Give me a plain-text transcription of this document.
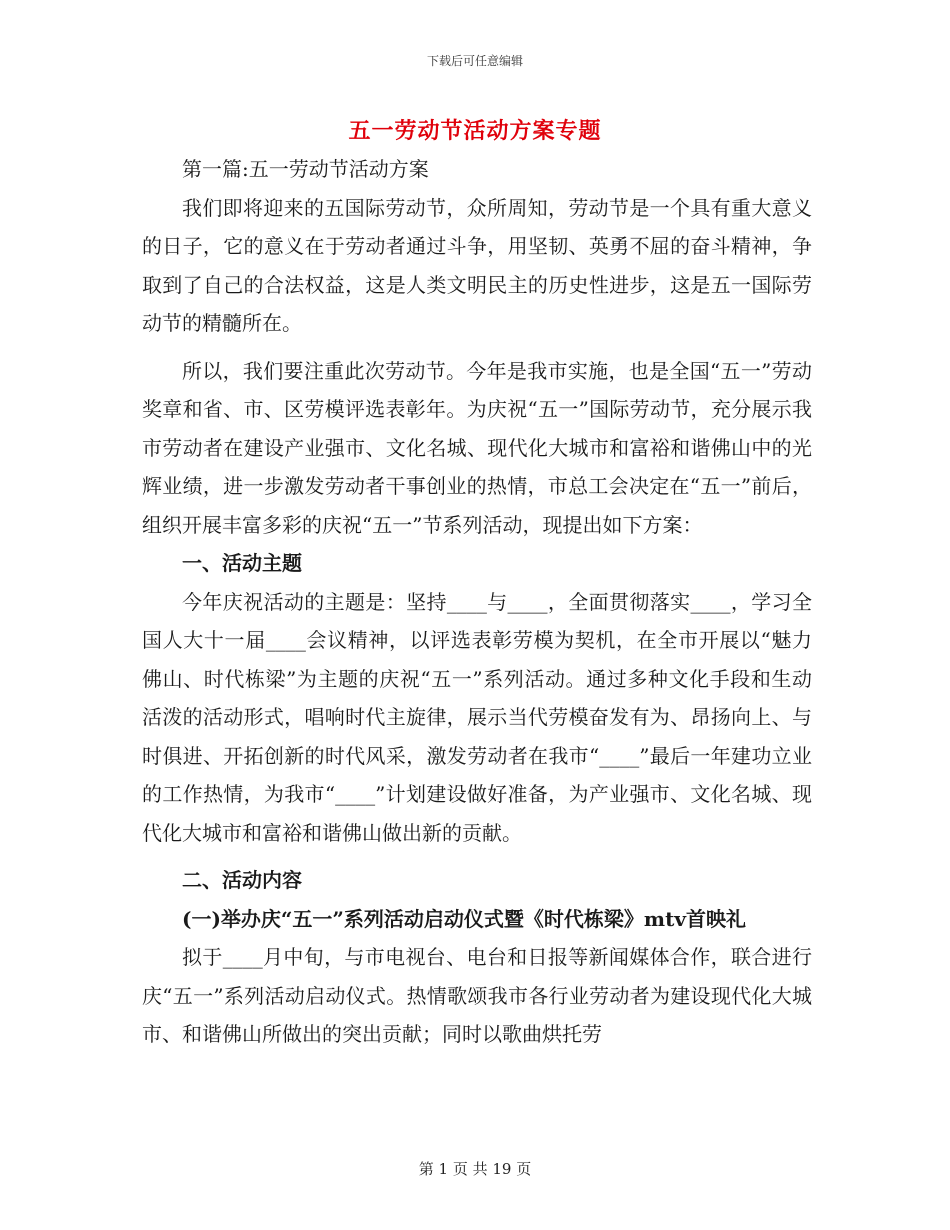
下载后可任意编辑
五一劳动节活动方案专题

第一篇:五一劳动节活动方案

我们即将迎来的五国际劳动节，众所周知，劳动节是一个具有重大意义的日子，它的意义在于劳动者通过斗争，用坚韧、英勇不屈的奋斗精神，争取到了自己的合法权益，这是人类文明民主的历史性进步，这是五一国际劳动节的精髓所在。

所以，我们要注重此次劳动节。今年是我市实施，也是全国“五一”劳动奖章和省、市、区劳模评选表彰年。为庆祝“五一”国际劳动节，充分展示我市劳动者在建设产业强市、文化名城、现代化大城市和富裕和谐佛山中的光辉业绩，进一步激发劳动者干事创业的热情，市总工会决定在“五一”前后，组织开展丰富多彩的庆祝“五一”节系列活动，现提出如下方案：

一、活动主题

今年庆祝活动的主题是：坚持____与____，全面贯彻落实____，学习全国人大十一届____会议精神，以评选表彰劳模为契机，在全市开展以“魅力佛山、时代栋梁”为主题的庆祝“五一”系列活动。通过多种文化手段和生动活泼的活动形式，唱响时代主旋律，展示当代劳模奋发有为、昂扬向上、与时俱进、开拓创新的时代风采，激发劳动者在我市“____”最后一年建功立业的工作热情，为我市“____”计划建设做好准备，为产业强市、文化名城、现代化大城市和富裕和谐佛山做出新的贡献。

二、活动内容

(一)举办庆“五一”系列活动启动仪式暨《时代栋梁》mtv首映礼

拟于____月中旬，与市电视台、电台和日报等新闻媒体合作，联合进行庆“五一”系列活动启动仪式。热情歌颂我市各行业劳动者为建设现代化大城市、和谐佛山所做出的突出贡献；同时以歌曲烘托劳

第 1 页 共 19 页
